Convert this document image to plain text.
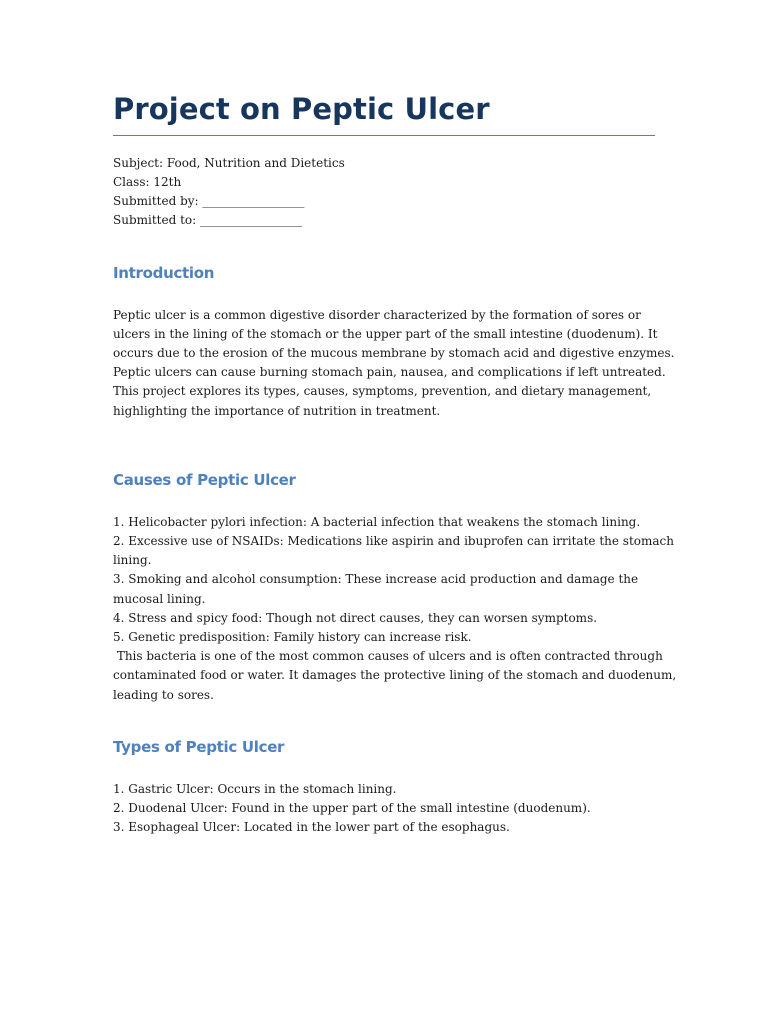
Project on Peptic Ulcer

Subject: Food, Nutrition and Dietetics

Class: 12th

Submitted by: _________________

Submitted to: _________________

Introduction

Peptic ulcer is a common digestive disorder characterized by the formation of sores or

ulcers in the lining of the stomach or the upper part of the small intestine (duodenum). It

occurs due to the erosion of the mucous membrane by stomach acid and digestive enzymes.

Peptic ulcers can cause burning stomach pain, nausea, and complications if left untreated.

This project explores its types, causes, symptoms, prevention, and dietary management,

highlighting the importance of nutrition in treatment.

Causes of Peptic Ulcer

1. Helicobacter pylori infection: A bacterial infection that weakens the stomach lining.

2. Excessive use of NSAIDs: Medications like aspirin and ibuprofen can irritate the stomach

lining.

3. Smoking and alcohol consumption: These increase acid production and damage the

mucosal lining.

4. Stress and spicy food: Though not direct causes, they can worsen symptoms.

5. Genetic predisposition: Family history can increase risk.

This bacteria is one of the most common causes of ulcers and is often contracted through

contaminated food or water. It damages the protective lining of the stomach and duodenum,

leading to sores.

Types of Peptic Ulcer

1. Gastric Ulcer: Occurs in the stomach lining.

2. Duodenal Ulcer: Found in the upper part of the small intestine (duodenum).

3. Esophageal Ulcer: Located in the lower part of the esophagus.
